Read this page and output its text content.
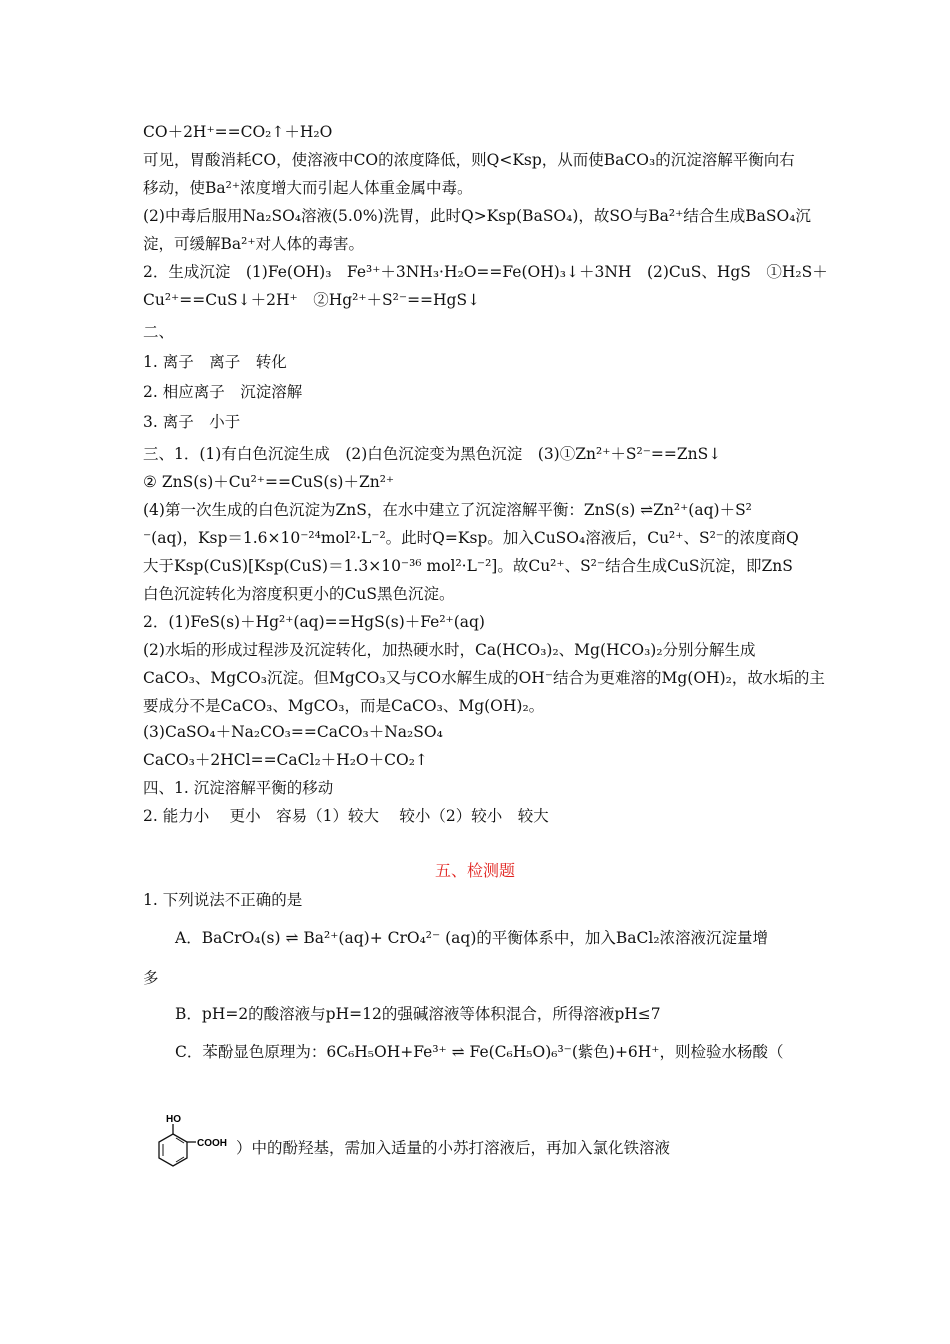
CO＋2H⁺==CO₂↑＋H₂O
可见，胃酸消耗CO，使溶液中CO的浓度降低，则Q<Ksp，从而使BaCO₃的沉淀溶解平衡向右
移动，使Ba²⁺浓度增大而引起人体重金属中毒。
(2)中毒后服用Na₂SO₄溶液(5.0%)洗胃，此时Q>Ksp(BaSO₄)，故SO与Ba²⁺结合生成BaSO₄沉
淀，可缓解Ba²⁺对人体的毒害。
2．生成沉淀　(1)Fe(OH)₃　Fe³⁺＋3NH₃·H₂O==Fe(OH)₃↓＋3NH　(2)CuS、HgS　①H₂S＋
Cu²⁺==CuS↓＋2H⁺　②Hg²⁺＋S²⁻==HgS↓
二、
1. 离子　离子　转化
2. 相应离子　沉淀溶解
3. 离子　小于
三、1．(1)有白色沉淀生成　(2)白色沉淀变为黑色沉淀　(3)①Zn²⁺＋S²⁻==ZnS↓
② ZnS(s)＋Cu²⁺==CuS(s)＋Zn²⁺
(4)第一次生成的白色沉淀为ZnS，在水中建立了沉淀溶解平衡：ZnS(s) ⇌Zn²⁺(aq)＋S²
⁻(aq)，Ksp＝1.6×10⁻²⁴mol²·L⁻²。此时Q=Ksp。加入CuSO₄溶液后，Cu²⁺、S²⁻的浓度商Q
大于Ksp(CuS)[Ksp(CuS)＝1.3×10⁻³⁶ mol²·L⁻²]。故Cu²⁺、S²⁻结合生成CuS沉淀，即ZnS
白色沉淀转化为溶度积更小的CuS黑色沉淀。
2．(1)FeS(s)＋Hg²⁺(aq)==HgS(s)＋Fe²⁺(aq)
(2)水垢的形成过程涉及沉淀转化，加热硬水时，Ca(HCO₃)₂、Mg(HCO₃)₂分别分解生成
CaCO₃、MgCO₃沉淀。但MgCO₃又与CO水解生成的OH⁻结合为更难溶的Mg(OH)₂，故水垢的主
要成分不是CaCO₃、MgCO₃，而是CaCO₃、Mg(OH)₂。
(3)CaSO₄＋Na₂CO₃==CaCO₃＋Na₂SO₄
CaCO₃＋2HCl==CaCl₂＋H₂O＋CO₂↑
四、1. 沉淀溶解平衡的移动
2. 能力小　 更小　容易（1）较大　 较小（2）较小　较大
五、检测题
1. 下列说法不正确的是
A．BaCrO₄(s) ⇌ Ba²⁺(aq)+ CrO₄²⁻ (aq)的平衡体系中，加入BaCl₂浓溶液沉淀量增
多
B．pH=2的酸溶液与pH=12的强碱溶液等体积混合，所得溶液pH≤7
C．苯酚显色原理为：6C₆H₅OH+Fe³⁺ ⇌ Fe(C₆H₅O)₆³⁻(紫色)+6H⁺，则检验水杨酸（
HO
COOH ）中的酚羟基，需加入适量的小苏打溶液后，再加入氯化铁溶液
